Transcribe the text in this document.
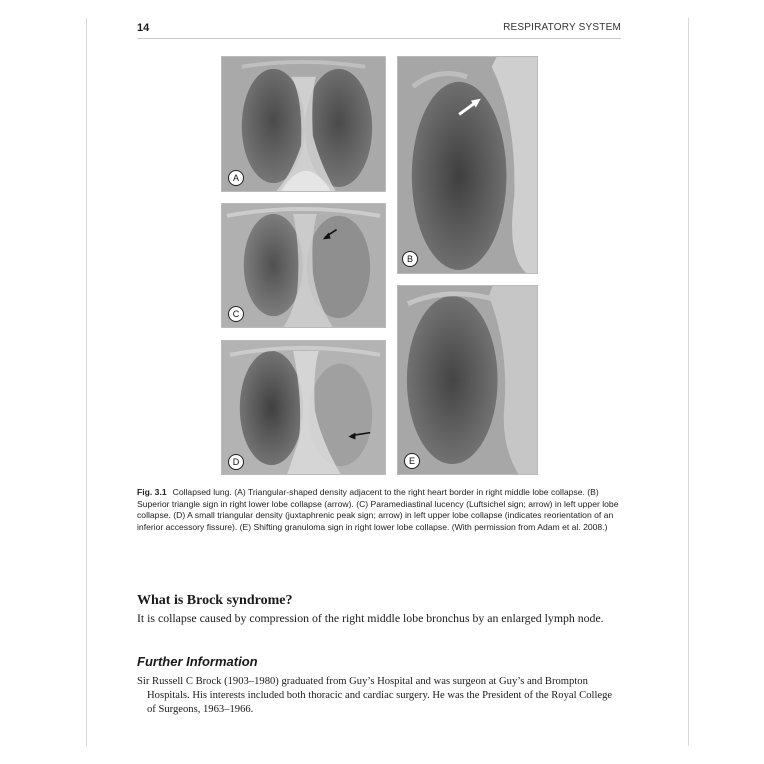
14	RESPIRATORY SYSTEM
A
B
C
D	E
Fig. 3.1 Collapsed lung. (A) Triangular-shaped density adjacent to the right heart border in right middle lobe collapse. (B) Superior triangle sign in right lower lobe collapse (arrow). (C) Paramediastinal lucency (Luftsichel sign; arrow) in left upper lobe collapse. (D) A small triangular density (juxtaphrenic peak sign; arrow) in left upper lobe collapse (indicates reorientation of an inferior accessory fissure). (E) Shifting granuloma sign in right lower lobe collapse. (With permission from Adam et al. 2008.)
What is Brock syndrome?
It is collapse caused by compression of the right middle lobe bronchus by an enlarged lymph node.
Further Information
Sir Russell C Brock (1903–1980) graduated from Guy’s Hospital and was surgeon at Guy’s and Brompton Hospitals. His interests included both thoracic and cardiac surgery. He was the President of the Royal College of Surgeons, 1963–1966.
